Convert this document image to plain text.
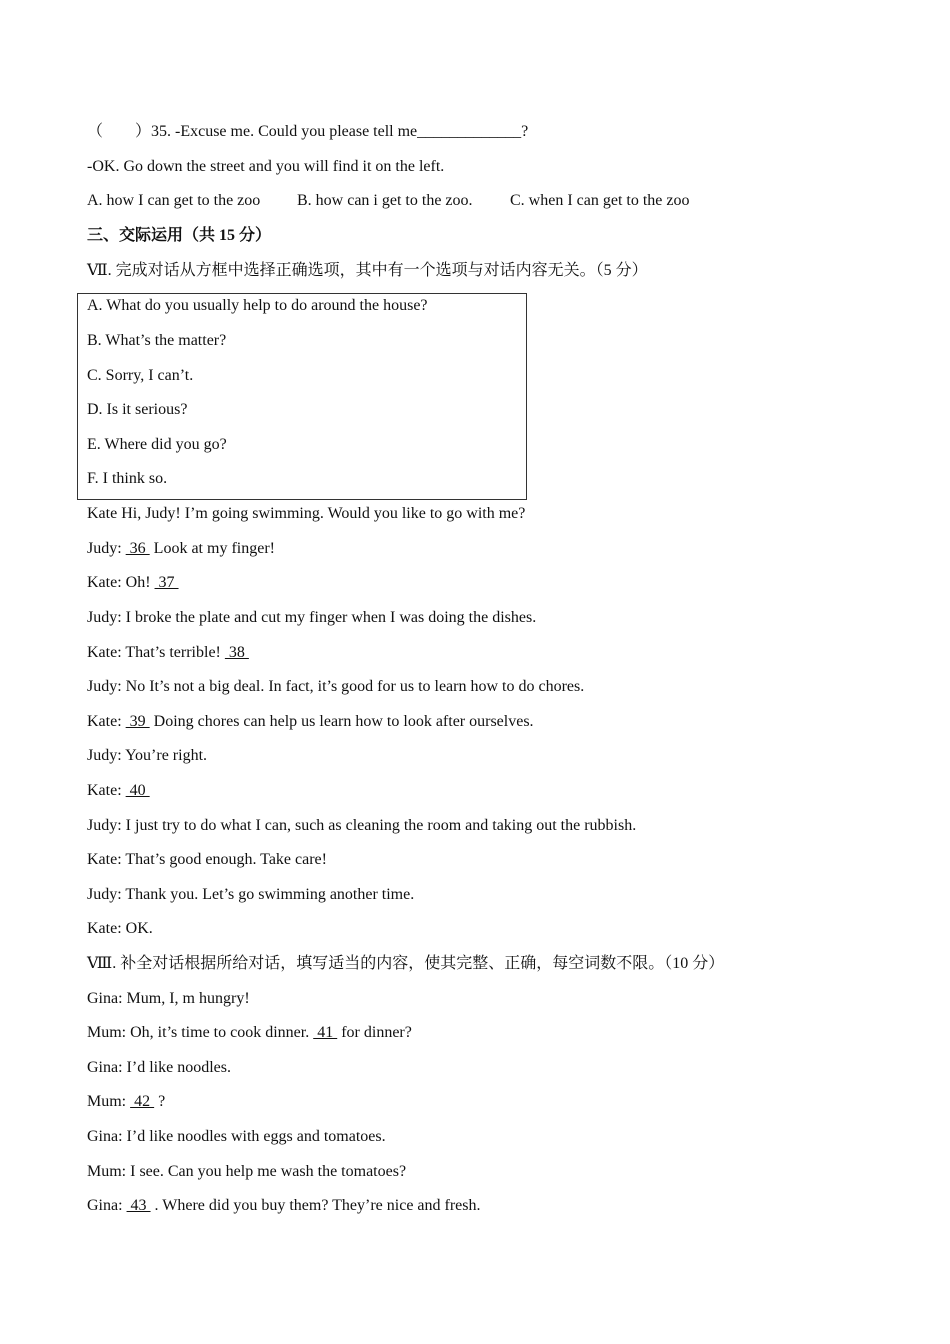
（　　）35. -Excuse me. Could you please tell me_____________?
-OK. Go down the street and you will find it on the left.
A. how I can get to the zoo B. how can i get to the zoo. C. when I can get to the zoo
三、交际运用（共 15 分）
Ⅶ. 完成对话从方框中选择正确选项，其中有一个选项与对话内容无关。（5 分）
A. What do you usually help to do around the house?
B. What’s the matter?
C. Sorry, I can’t.
D. Is it serious?
E. Where did you go?
F. I think so.
Kate Hi, Judy! I’m going swimming. Would you like to go with me?
Judy:  36  Look at my finger!
Kate: Oh!  37
Judy: I broke the plate and cut my finger when I was doing the dishes.
Kate: That’s terrible!  38
Judy: No It’s not a big deal. In fact, it’s good for us to learn how to do chores.
Kate:  39  Doing chores can help us learn how to look after ourselves.
Judy: You’re right.
Kate:  40
Judy: I just try to do what I can, such as cleaning the room and taking out the rubbish.
Kate: That’s good enough. Take care!
Judy: Thank you. Let’s go swimming another time.
Kate: OK.
Ⅷ. 补全对话根据所给对话，填写适当的内容，使其完整、正确，每空词数不限。（10 分）
Gina: Mum, I, m hungry!
Mum: Oh, it’s time to cook dinner.  41  for dinner?
Gina: I’d like noodles.
Mum:  42  ?
Gina: I’d like noodles with eggs and tomatoes.
Mum: I see. Can you help me wash the tomatoes?
Gina:  43  . Where did you buy them? They’re nice and fresh.
